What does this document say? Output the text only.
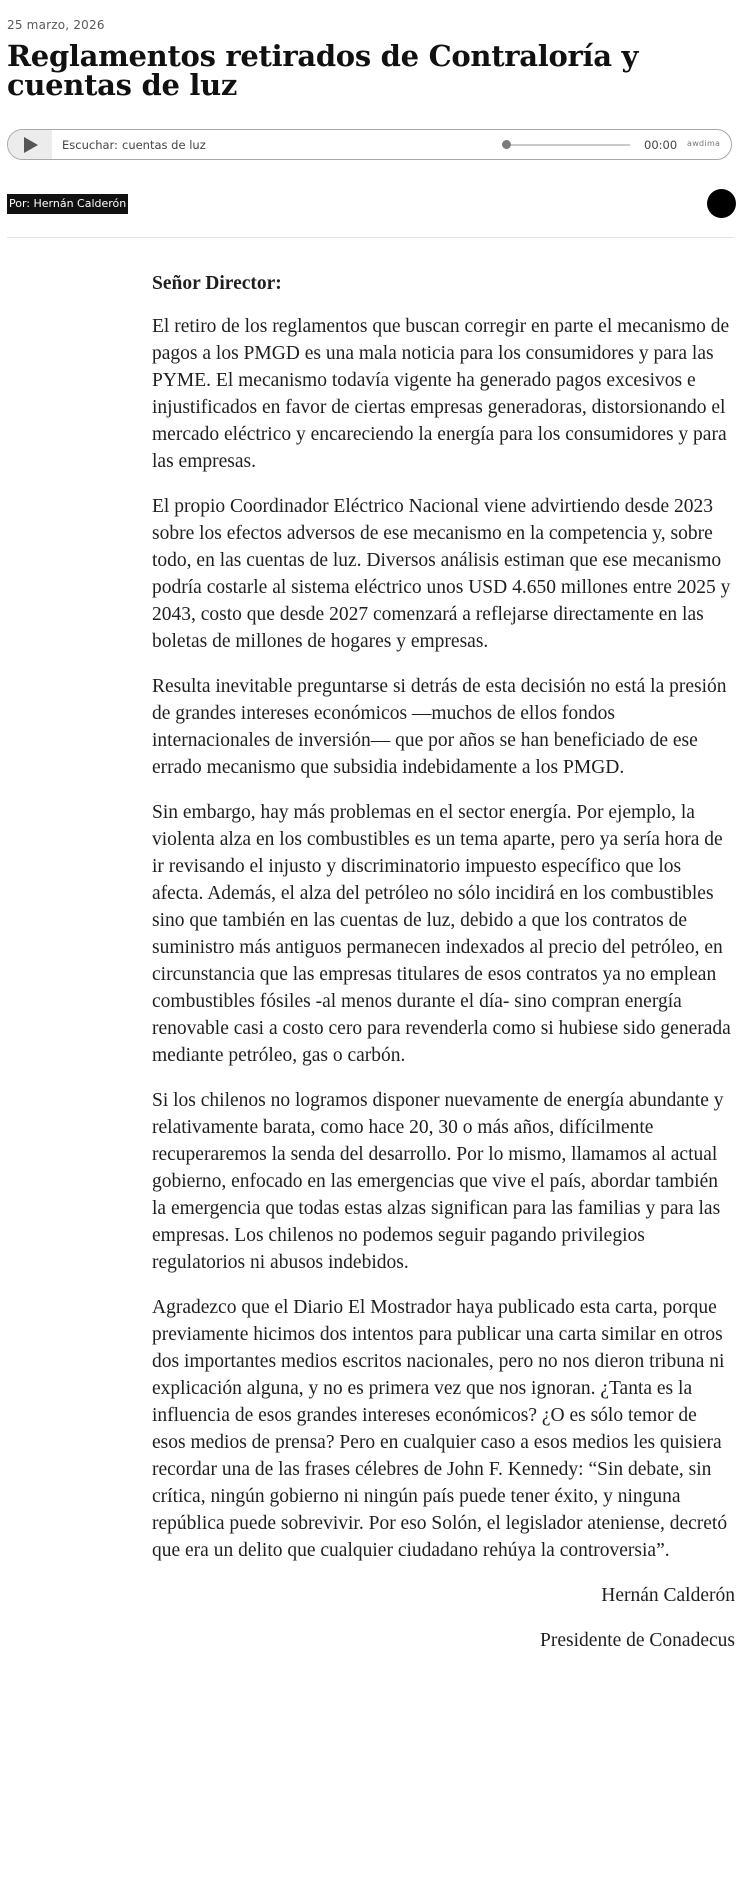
25 marzo, 2026
Reglamentos retirados de Contraloría y cuentas de luz
Escuchar: cuentas de luz	00:00 awdima
Por: Hernán Calderón

Señor Director:

El retiro de los reglamentos que buscan corregir en parte el mecanismo de pagos a los PMGD es una mala noticia para los consumidores y para las PYME. El mecanismo todavía vigente ha generado pagos excesivos e injustificados en favor de ciertas empresas generadoras, distorsionando el mercado eléctrico y encareciendo la energía para los consumidores y para las empresas.

El propio Coordinador Eléctrico Nacional viene advirtiendo desde 2023 sobre los efectos adversos de ese mecanismo en la competencia y, sobre todo, en las cuentas de luz. Diversos análisis estiman que ese mecanismo podría costarle al sistema eléctrico unos USD 4.650 millones entre 2025 y 2043, costo que desde 2027 comenzará a reflejarse directamente en las boletas de millones de hogares y empresas.

Resulta inevitable preguntarse si detrás de esta decisión no está la presión de grandes intereses económicos —muchos de ellos fondos internacionales de inversión— que por años se han beneficiado de ese errado mecanismo que subsidia indebidamente a los PMGD.

Sin embargo, hay más problemas en el sector energía. Por ejemplo, la violenta alza en los combustibles es un tema aparte, pero ya sería hora de ir revisando el injusto y discriminatorio impuesto específico que los afecta. Además, el alza del petróleo no sólo incidirá en los combustibles sino que también en las cuentas de luz, debido a que los contratos de suministro más antiguos permanecen indexados al precio del petróleo, en circunstancia que las empresas titulares de esos contratos ya no emplean combustibles fósiles -al menos durante el día- sino compran energía renovable casi a costo cero para revenderla como si hubiese sido generada mediante petróleo, gas o carbón.

Si los chilenos no logramos disponer nuevamente de energía abundante y relativamente barata, como hace 20, 30 o más años, difícilmente recuperaremos la senda del desarrollo. Por lo mismo, llamamos al actual gobierno, enfocado en las emergencias que vive el país, abordar también la emergencia que todas estas alzas significan para las familias y para las empresas. Los chilenos no podemos seguir pagando privilegios regulatorios ni abusos indebidos.

Agradezco que el Diario El Mostrador haya publicado esta carta, porque previamente hicimos dos intentos para publicar una carta similar en otros dos importantes medios escritos nacionales, pero no nos dieron tribuna ni explicación alguna, y no es primera vez que nos ignoran. ¿Tanta es la influencia de esos grandes intereses económicos? ¿O es sólo temor de esos medios de prensa? Pero en cualquier caso a esos medios les quisiera recordar una de las frases célebres de John F. Kennedy: “Sin debate, sin crítica, ningún gobierno ni ningún país puede tener éxito, y ninguna república puede sobrevivir. Por eso Solón, el legislador ateniense, decretó que era un delito que cualquier ciudadano rehúya la controversia”.

Hernán Calderón

Presidente de Conadecus
